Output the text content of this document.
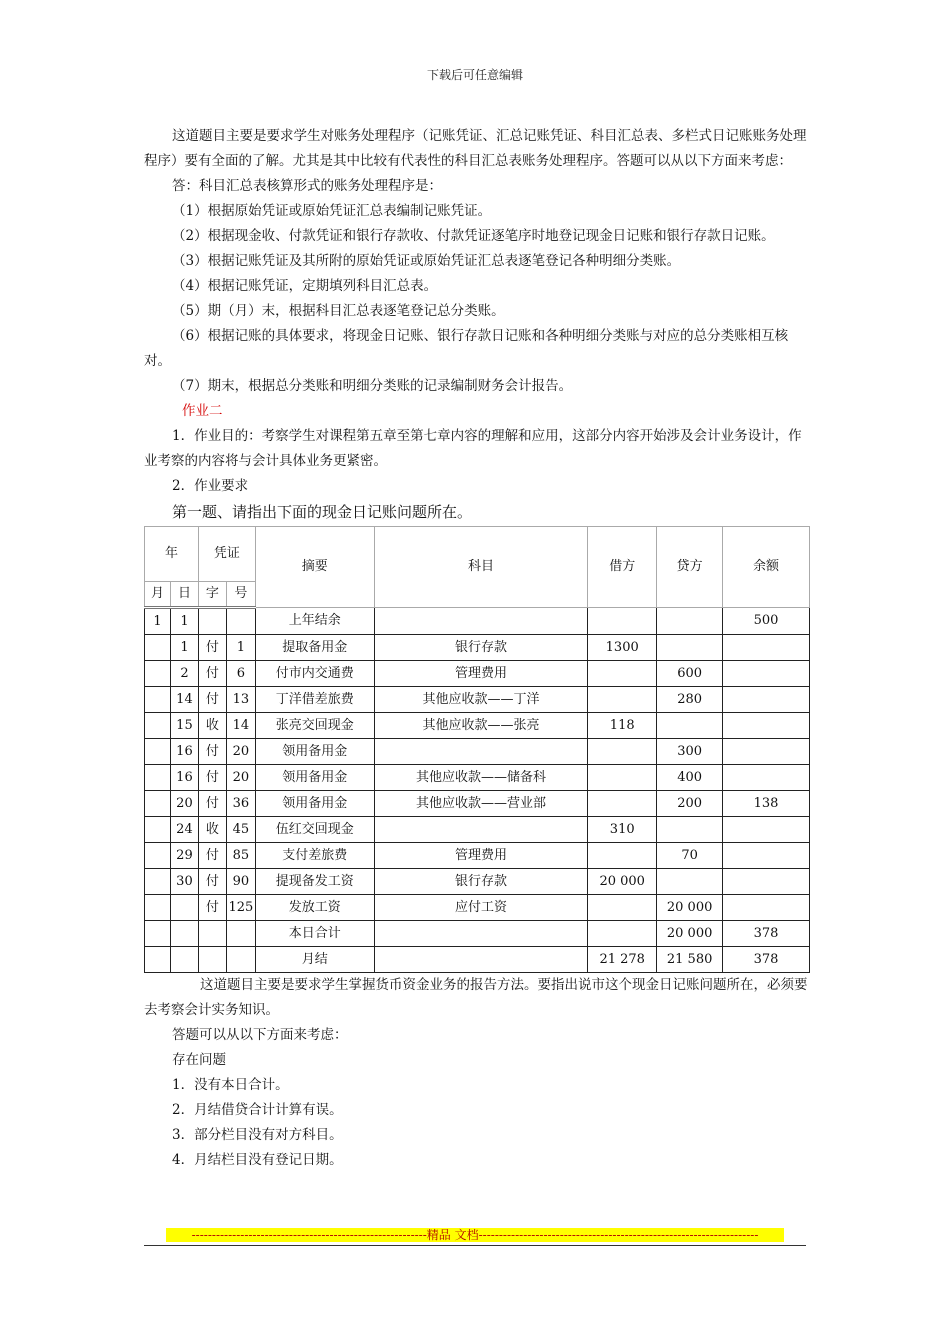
下载后可任意编辑

这道题目主要是要求学生对账务处理程序（记账凭证、汇总记账凭证、科目汇总表、多栏式日记账账务处理程序）要有全面的了解。尤其是其中比较有代表性的科目汇总表账务处理程序。答题可以从以下方面来考虑：

答：科目汇总表核算形式的账务处理程序是：

（1）根据原始凭证或原始凭证汇总表编制记账凭证。

（2）根据现金收、付款凭证和银行存款收、付款凭证逐笔序时地登记现金日记账和银行存款日记账。

（3）根据记账凭证及其所附的原始凭证或原始凭证汇总表逐笔登记各种明细分类账。

（4）根据记账凭证，定期填列科目汇总表。

（5）期（月）末，根据科目汇总表逐笔登记总分类账。

（6）根据记账的具体要求，将现金日记账、银行存款日记账和各种明细分类账与对应的总分类账相互核对。

（7）期末，根据总分类账和明细分类账的记录编制财务会计报告。

作业二

1．作业目的：考察学生对课程第五章至第七章内容的理解和应用，这部分内容开始涉及会计业务设计，作业考察的内容将与会计具体业务更紧密。

2．作业要求

第一题、请指出下面的现金日记账问题所在。

年		凭证		摘要	科目	借方	贷方	余额
月	日	字	号					
1	1			上年结余				500
	1	付	1	提取备用金	银行存款	1300		
	2	付	6	付市内交通费	管理费用		600	
	14	付	13	丁洋借差旅费	其他应收款——丁洋		280	
	15	收	14	张亮交回现金	其他应收款——张亮	118		
	16	付	20	领用备用金			300	
	16	付	20	领用备用金	其他应收款——储备科		400	
	20	付	36	领用备用金	其他应收款——营业部		200	138
	24	收	45	伍红交回现金		310		
	29	付	85	支付差旅费	管理费用		70	
	30	付	90	提现备发工资	银行存款	20 000		
		付	125	发放工资	应付工资		20 000	
				本日合计			20 000	378
				月结		21 278	21 580	378

这道题目主要是要求学生掌握货币资金业务的报告方法。要指出说市这个现金日记账问题所在，必须要去考察会计实务知识。

答题可以从以下方面来考虑：

存在问题

1．没有本日合计。

2．月结借贷合计计算有误。

3．部分栏目没有对方科目。

4．月结栏目没有登记日期。

----------------------------------------------------------精品 文档---------------------------------------------------------------------
